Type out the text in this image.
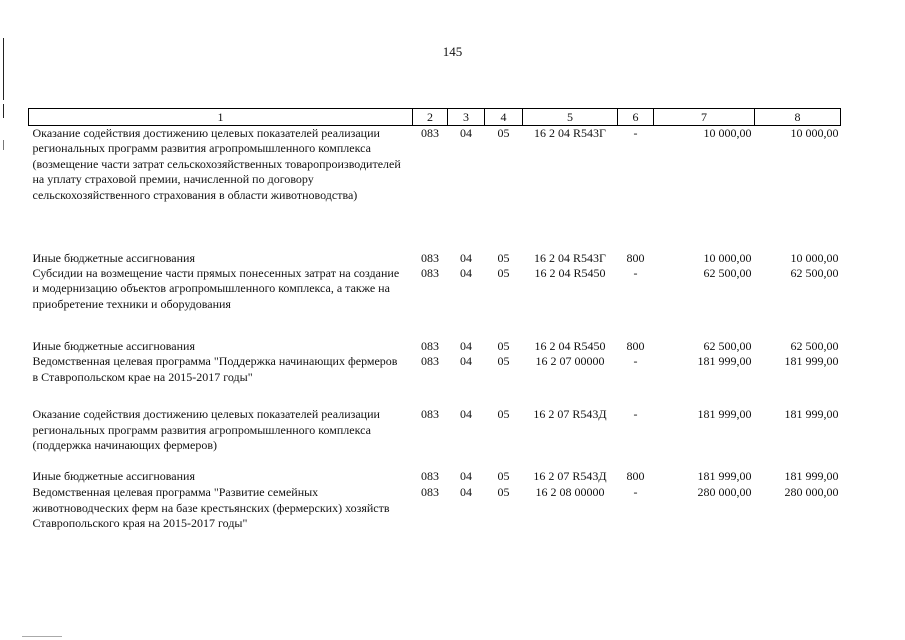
145
1	2	3	4	5	6	7	8
Оказание содействия достижению целевых показателей реализации региональных программ развития агропромышленного комплекса (возмещение части затрат сельскохозяйственных товаропроизводителей на уплату страховой премии, начисленной по договору сельскохозяйственного страхования в области животноводства)	083	04	05	16 2 04 R543Г	-	10 000,00	10 000,00
Иные бюджетные ассигнования	083	04	05	16 2 04 R543Г	800	10 000,00	10 000,00
Субсидии на возмещение части прямых понесенных затрат на создание и модернизацию объектов агропромышленного комплекса, а также на приобретение техники и оборудования	083	04	05	16 2 04 R5450	-	62 500,00	62 500,00
Иные бюджетные ассигнования	083	04	05	16 2 04 R5450	800	62 500,00	62 500,00
Ведомственная целевая программа "Поддержка начинающих фермеров в Ставропольском крае на 2015-2017 годы"	083	04	05	16 2 07 00000	-	181 999,00	181 999,00
Оказание содействия достижению целевых показателей реализации региональных программ развития агропромышленного комплекса (поддержка начинающих фермеров)	083	04	05	16 2 07 R543Д	-	181 999,00	181 999,00
Иные бюджетные ассигнования	083	04	05	16 2 07 R543Д	800	181 999,00	181 999,00
Ведомственная целевая программа "Развитие семейных животноводческих ферм на базе крестьянских (фермерских) хозяйств Ставропольского края на 2015-2017 годы"	083	04	05	16 2 08 00000	-	280 000,00	280 000,00
